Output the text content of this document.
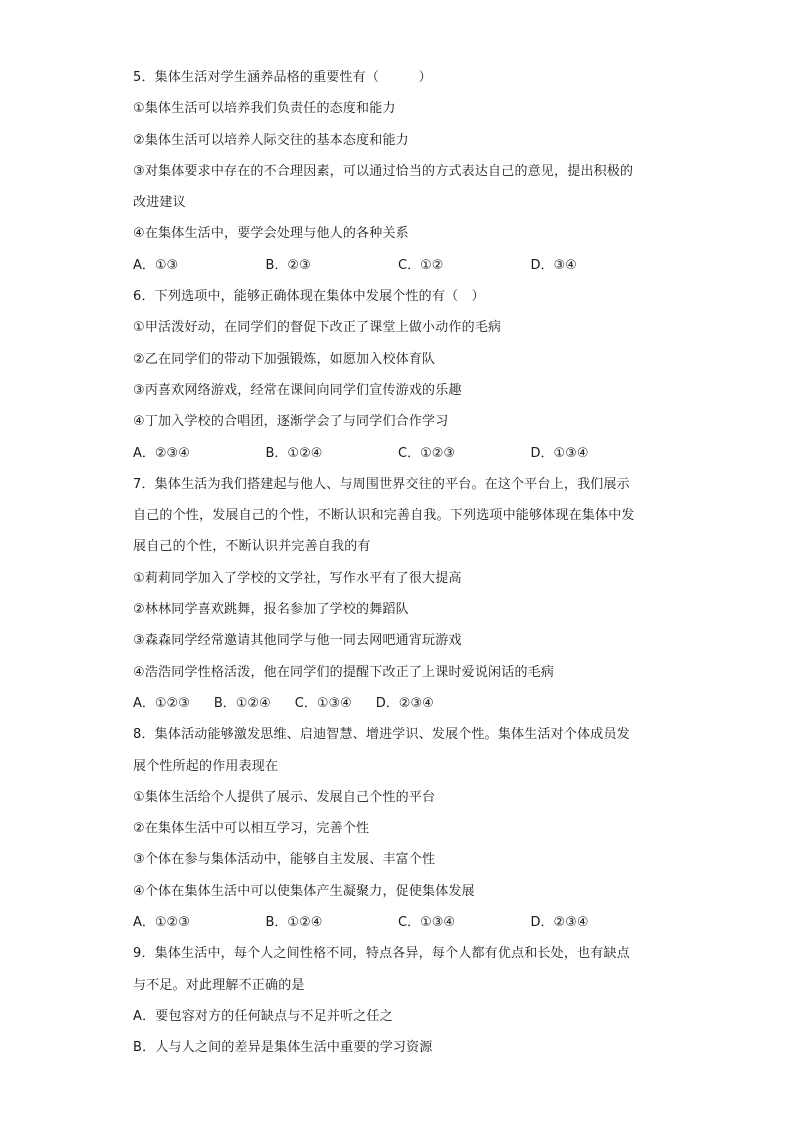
5．集体生活对学生涵养品格的重要性有（　　　）
①集体生活可以培养我们负责任的态度和能力
②集体生活可以培养人际交往的基本态度和能力
③对集体要求中存在的不合理因素，可以通过恰当的方式表达自己的意见，提出积极的
改进建议
④在集体生活中，要学会处理与他人的各种关系
A．①③	B．②③	C．①②	D．③④
6．下列选项中，能够正确体现在集体中发展个性的有（　）
①甲活泼好动，在同学们的督促下改正了课堂上做小动作的毛病
②乙在同学们的带动下加强锻炼，如愿加入校体育队
③丙喜欢网络游戏，经常在课间向同学们宣传游戏的乐趣
④丁加入学校的合唱团，逐渐学会了与同学们合作学习
A．②③④	B．①②④	C．①②③	D．①③④
7．集体生活为我们搭建起与他人、与周围世界交往的平台。在这个平台上，我们展示
自己的个性，发展自己的个性，不断认识和完善自我。下列选项中能够体现在集体中发
展自己的个性，不断认识并完善自我的有
①莉莉同学加入了学校的文学社，写作水平有了很大提高
②林林同学喜欢跳舞，报名参加了学校的舞蹈队
③森森同学经常邀请其他同学与他一同去网吧通宵玩游戏
④浩浩同学性格活泼，他在同学们的提醒下改正了上课时爱说闲话的毛病
A．①②③ B．①②④ C．①③④ D．②③④
8．集体活动能够激发思维、启迪智慧、增进学识、发展个性。集体生活对个体成员发
展个性所起的作用表现在
①集体生活给个人提供了展示、发展自己个性的平台
②在集体生活中可以相互学习，完善个性
③个体在参与集体活动中，能够自主发展、丰富个性
④个体在集体生活中可以使集体产生凝聚力，促使集体发展
A．①②③	B．①②④	C．①③④	D．②③④
9．集体生活中，每个人之间性格不同，特点各异，每个人都有优点和长处，也有缺点
与不足。对此理解不正确的是
A．要包容对方的任何缺点与不足并听之任之
B．人与人之间的差异是集体生活中重要的学习资源
